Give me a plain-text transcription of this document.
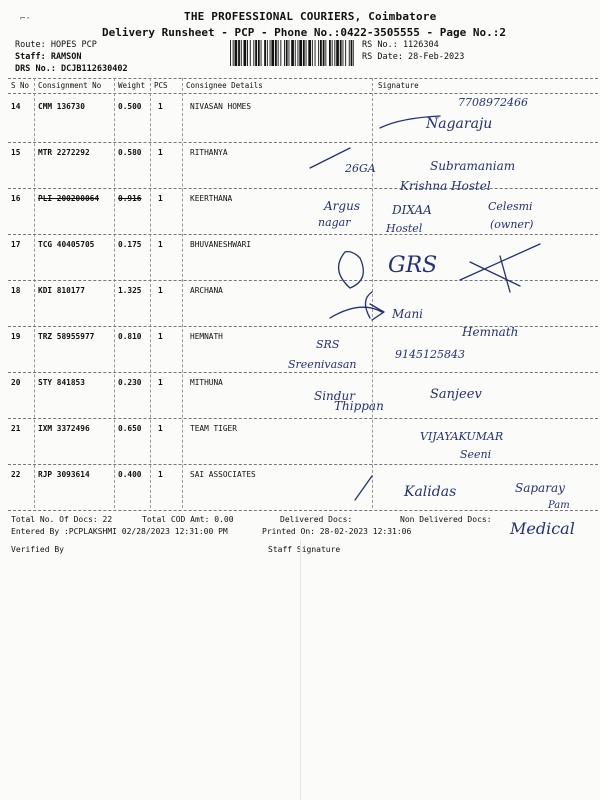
⌐·	THE PROFESSIONAL COURIERS, Coimbatore
Delivery Runsheet - PCP - Phone No.:0422-3505555 - Page No.:2
Route: HOPES PCP
Staff: RAMSON
DRS No.: DCJB112630402
RS No.: 1126304
RS Date: 28-Feb-2023
S No Consignment No Weight PCS Consignee Details	Signature
14 CMM 136730	0.500 1	NIVASAN HOMES
15 MTR 2272292	0.580 1	RITHANYA
16 PLI 200200064 0.916 1	KEERTHANA
17 TCG 40405705	0.175 1	BHUVANESHWARI
18 KDI 810177	1.325 1	ARCHANA
19 TRZ 58955977	0.810 1	HEMNATH
20 STY 841853	0.230 1	MITHUNA
21 IXM 3372496	0.650 1	TEAM TIGER
22 RJP 3093614	0.400 1	SAI ASSOCIATES
7708972466
Nagaraju
26GA	Subramaniam
Krishna Hostel
Argus
nagar
DIXAA
Hostel
Celesmi
(owner)
GRS
Mani
Hemnath
SRS
Sreenivasan
9145125843
Sindur
Thippan
Sanjeev
VIJAYAKUMAR
Seeni
Kalidas	Saparay
Pam
Medical
Total No. Of Docs: 22	Total COD Amt: 0.00	Delivered Docs:	Non Delivered Docs:
Entered By :PCPLAKSHMI 02/28/2023 12:31:00 PM	Printed On: 28-02-2023 12:31:06
Verified By	Staff Signature
